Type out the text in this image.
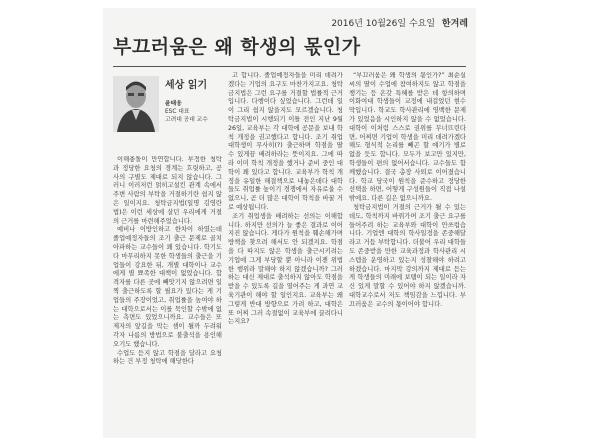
2016년 10월26일 수요일 한겨레
부끄러움은 왜 학생의 몫인가
세상 읽기
윤태웅
ESC 대표
고려대 공대 교수

이해충돌이 만연합니다. 부정한 청탁과 정당한 요청의 경계는 흐릿하고, 공사의 구별도 제대로 되지 않습니다. 그러니 이러저런 얽히고설킨 관계 속에서 주변 사람의 부탁을 거절하기란 쉽지 않은 일이지요. 청탁금지법(일명 김영란법)은 이런 세상에 살던 우리에게 거절의 근거를 마련해주었습니다.

예비나 이방인하고 한차이 하였는데 졸업예정자들의 조기 출근 문제로 골치 아파하는 교수들이 꽤 있습니다. 학기도 다 마무리하지 못한 학생들의 출근을 기업들이 강요한 뒤, 개별 대학이나 교수에게 별 뾰족한 대책이 없었습니다. 합격자를 다른 곳에 빼앗기지 않으려면 일찍 출근하도록 할 필요가 있다는 게 기업들의 주장이었고, 취업률을 높여야 하는 대학으로서는 이를 묵인할 수밖에 없는 측면도 있었으니까요. 교수들은 또 제자의 앞길을 막는 셈이 될까 두려워 각자 나름의 방법으로 불출석을 용인해오기도 했습니다.

수업도 듣지 않고 학점을 달라고 요청하는 건 부정 청탁에 해당한다

고 합니다. 졸업예정자들을 미리 데려가겠다는 기업의 요구도 마찬가지고요. 청탁금지법은 그런 요구를 거절할 법률적 근거입니다. 다행이다 싶었습니다. 그런데 일이 그리 쉽지 않을지도 모르겠습니다. 청탁금지법이 시행되기 이틀 전인 지난 9월 26일, 교육부는 각 대학에 공문을 보내 학칙 개정을 권고했다고 합니다. 조기 취업 대학생이 무사히(?) 출근하며 학점을 딸 수 있게끔 배려하라는 뜻이지요. 그에 따라 이미 학칙 개정을 했거나 준비 중인 대학이 꽤 있다고 합니다. 교육부가 학칙 개정을 유일한 해결책으로 내놓은데다 대학들도 취업률 높이기 경쟁에서 자유로울 수 없으니, 곧 더 많은 대학이 학칙을 바꿀 거로 예상됩니다.

조기 취업생을 배려하는 선의는 이해합니다. 하지만 선의가 늘 좋은 결과로 이어지진 않습니다. 게다가 원칙을 훼손해가며 방책을 찾으려 해서도 안 되겠지요. 학점을 다 따지도 않은 학생을 출근시키려는 기업에 그게 부당할 뿐 아니라 이젠 위법한 행위라 말해야 하지 않겠습니까? 그러하는 대신 제대로 출석하지 않아도 학점을 받을 수 있도록 길을 열어주는 게 과연 교육기관이 해야 할 일인지요. 교육부는 왜 그렇게 반대 방향으로 가려 하고, 대학은 또 어찌 그러 속절없이 교육부에 끌려다니는지요?

“부끄러움은 왜 학생의 몫인가?” 최순실씨의 딸이 수업에 참여하지도 않고 학점을 챙기는 등 온갖 특혜를 받은 데 항의하며 이화여대 학생들이 교정에 내걸었던 현수막입니다. 학교도 학사관리에 영백한 문제가 있었음을 시인하지 않을 수 없었습니다. 대학이 이처럼 스스로 권위를 무너뜨린다면, 어찌면 기업이 학생을 미리 데려가겠다 해도 형식적 논리를 빼곤 할 얘기가 별로 없을 듯도 합니다. 모두가 보고만 있지만, 학생들이 편의 없어서습니다. 교수들도 함께했습니다. 결국 총장 사퇴로 이어졌습니다. 학교 당국이 원칙을 준수하고 정당한 선택을 하면, 어떻게 구성원들이 직접 나설 밖에요. 다른 길은 없으니까요.

청탁금지법이 거절의 근거가 될 수 있는데도, 학칙까지 바꿔가며 조기 출근 요구를 들어주려 하는 교육부와 대학이 안쓰럽습니다. 기업엔 대학의 학사일정을 존중해달라고 거듭 부탁합니다. 더불어 우리 대학들도 존중받을 만한 교육과정과 학사관리 시스템을 운영하고 있는지 성찰해야 하려고 하겠습니다. 마지막 강의까지 제대로 듣는 게 학생들의 미래에 보탬이 되는 일이라 자신 있게 말할 수 있어야 하지 않겠습니까. 대학교수로서 저도 책임감을 느낍니다. 부끄러움은 교수의 몫이어야 합니다.
